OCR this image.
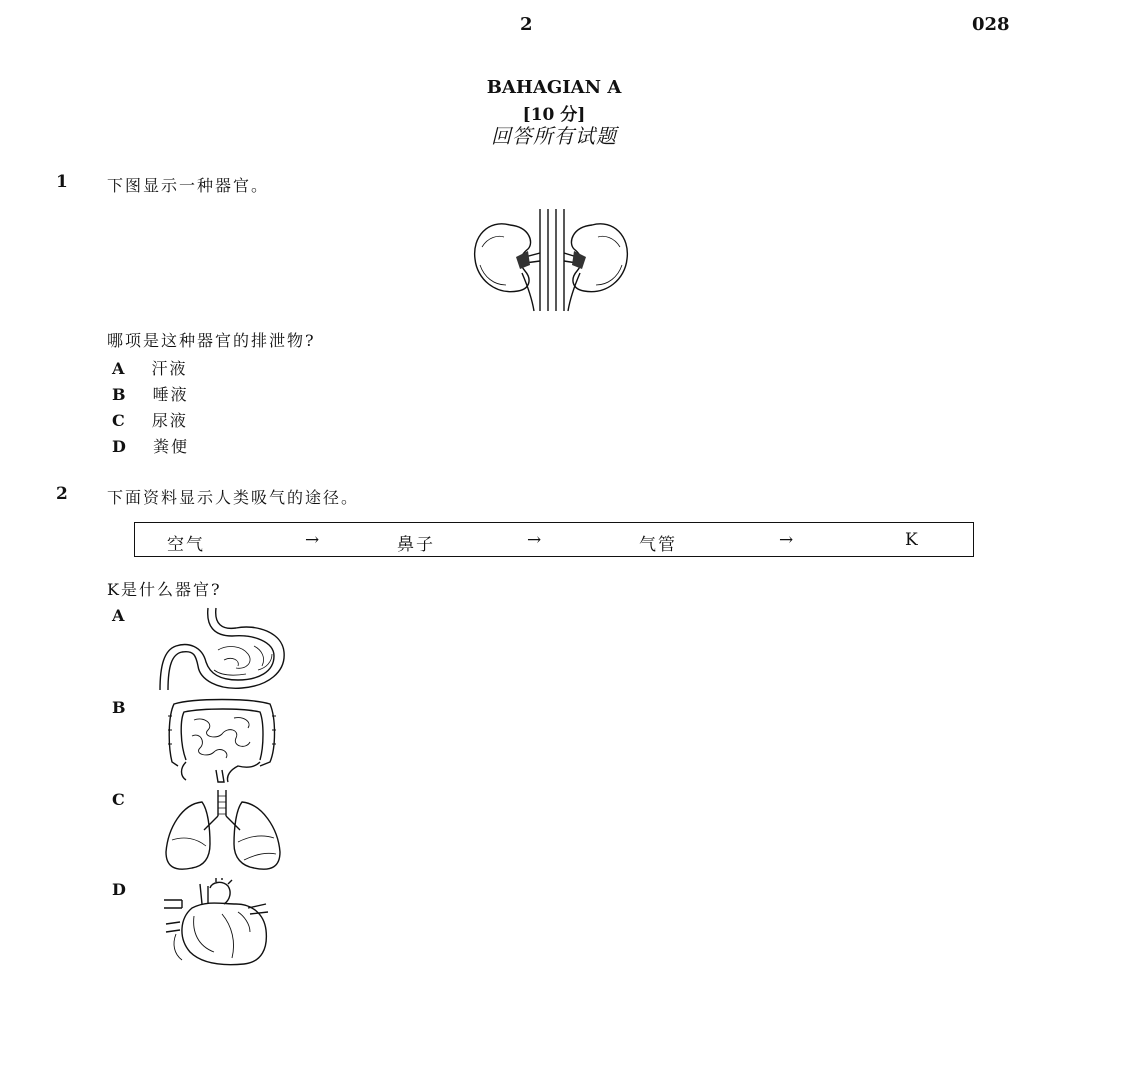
2	028
BAHAGIAN A
[10 分]
回答所有试题
1 下图显示一种器官。
哪项是这种器官的排泄物?
A 汗液
B 唾液
C 尿液
D 粪便
2 下面资料显示人类吸气的途径。
空气	→	鼻子	→	气管	→	K
K是什么器官?
A
B
C
D
